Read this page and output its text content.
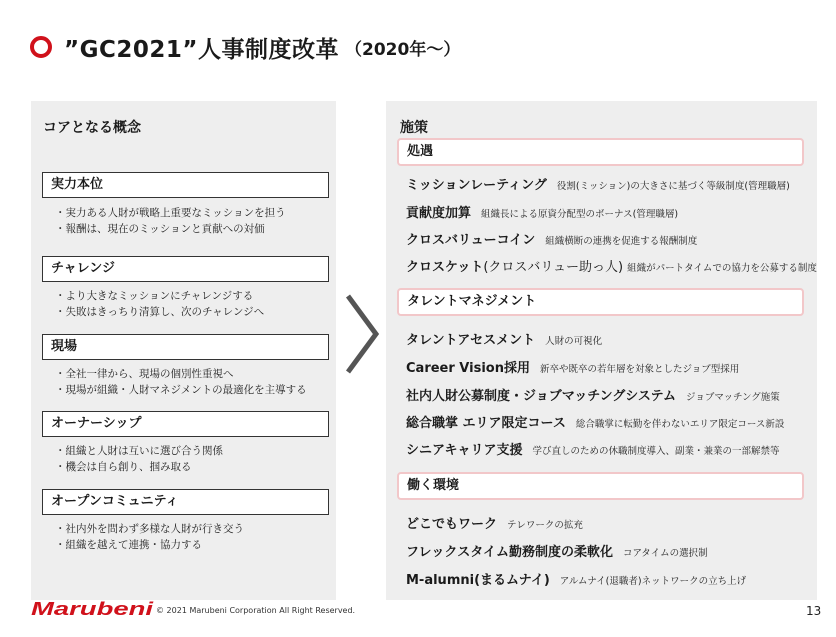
”GC2021”人事制度改革 （2020年～）
コアとなる概念
実力本位
・ 実力ある人財が戦略上重要なミッションを担う
・ 報酬は、現在のミッションと貢献への対価
チャレンジ
・ より大きなミッションにチャレンジする
・ 失敗はきっちり清算し、次のチャレンジへ
現場
・ 全社一律から、現場の個別性重視へ
・ 現場が組織・人財マネジメントの最適化を主導する
オーナーシップ
・ 組織と人財は互いに選び合う関係
・ 機会は自ら創り、掴み取る
オープンコミュニティ
・ 社内外を問わず多様な人財が行き交う
・ 組織を越えて連携・協力する
施策
処遇
ミッションレーティング 役割(ミッション)の大きさに基づく等級制度(管理職層)
貢献度加算 組織長による原資分配型のボーナス(管理職層)
クロスバリューコイン 組織横断の連携を促進する報酬制度
クロスケット (クロスバリュー助っ人) 組織がパートタイムでの協力を公募する制度
タレントマネジメント
タレントアセスメント 人財の可視化
Career Vision採用 新卒や既卒の若年層を対象としたジョブ型採用
社内人財公募制度・ジョブマッチングシステム ジョブマッチング施策
総合職掌 エリア限定コース 総合職掌に転勤を伴わないエリア限定コース新設
シニアキャリア支援 学び直しのための休職制度導入、副業・兼業の一部解禁等
働く環境
どこでもワーク テレワークの拡充
フレックスタイム勤務制度の柔軟化 コアタイムの選択制
M-alumni(まるムナイ) アルムナイ(退職者)ネットワークの立ち上げ
Marubeni © 2021 Marubeni Corporation All Right Reserved.	13
